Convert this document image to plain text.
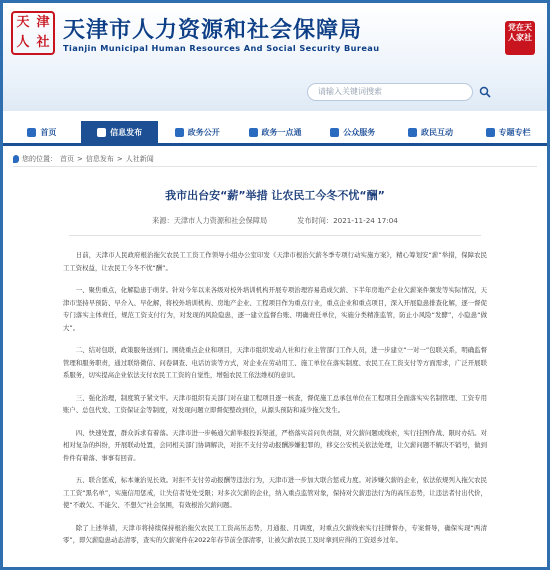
天 津
人 社 天津市人力资源和社会保障局
Tianjin Municipal Human Resources And Social Security Bureau
党在天人家社
请输入关键词搜索
首页	信息发布	政务公开	政务一点通	公众服务	政民互动	专题专栏
您的位置： 首页 > 信息发布 > 人社新闻
我市出台安“薪”举措 让农民工今冬不忧“酬”
来源：天津市人力资源和社会保障局	发布时间：2021-11-24 17:04

日前，天津市人民政府根治拖欠农民工工资工作领导小组办公室印发《天津市根治欠薪冬季专项行动实施方案》，精心筹划安“薪”举措，保障农民工工资权益，让农民工今冬不忧“酬”。

一、聚焦重点，化解隐患于萌芽。针对今年以来各级对校外培训机构开展专项治理容易造成欠薪、下半年房地产企业欠薪案件频发等实际情况，天津市坚持早预防、早介入、早化解，将校外培训机构、房地产企业、工程项目作为重点行业，重点企业和重点项目，深入开展隐患排查化解，逐一督促专门落实主体责任，规范工资支付行为，对发现的风险隐患，逐一建立监督台账、明确责任单位，实施分类精准监管，防止小风险“发酵”，小隐患“做大”。

二、结对包联，政策服务送到门。围绕重点企业和项目，天津市组织发动人社和行业主管部门工作人员，进一步建立“一对一”包联关系，明确监督管理和服务职责，通过联络微信、问卷调查、电话访谈等方式，对企业在劳动用工、施工单位在落实制度、农民工在工资支付等方面需求，广泛开展联系服务，切实提高企业依法支付农民工工资的自觉性，增强农民工依法维权的意识。

三、强化治理，制度筑子紧文牢。天津市组织有关部门对在建工程项目逐一核查，督促施工总承包单位在工程项目全面落实实名制管理、工资专用账户、总包代发、工资保证金等制度，对发现问题立即督促整改到位，从源头预防和减少拖欠发生。

四、快速处置，群众诉求有着落。天津市进一步畅通欠薪举报投诉渠道，严格落实首问负责制，对欠薪问题或线索，实行挂图作战、限时办结。对相对复杂的纠纷，开展联动处置，会同相关部门协调解决，对拒不支付劳动报酬涉嫌犯罪的，移交公安机关依法处理，让欠薪问题不解决不销号，做到件件有着落、事事有回音。

五、联合惩戒，标本兼治见长效。对拒不支付劳动报酬等违法行为，天津市进一步加大联合惩戒力度。对涉嫌欠薪的企业，依法依规列入拖欠农民工工资“黑名单”，实施信用惩戒，让失信者处处受限；对多次欠薪的企业，纳入重点监管对象，保持对欠薪违法行为的高压态势，让违法者付出代价，使“不敢欠、不能欠、不想欠”社会氛围，有效根治欠薪问题。

除了上述举措，天津市将持续保持根治拖欠农民工工资高压态势，月通报、月调度，对重点欠薪线索实行挂牌督办，专案督导，确保实现“两清零”，即欠薪隐患动态清零，查实的欠薪案件在2022年春节前全部清零，让被欠薪农民工及时拿到应得的工资返乡过年。
